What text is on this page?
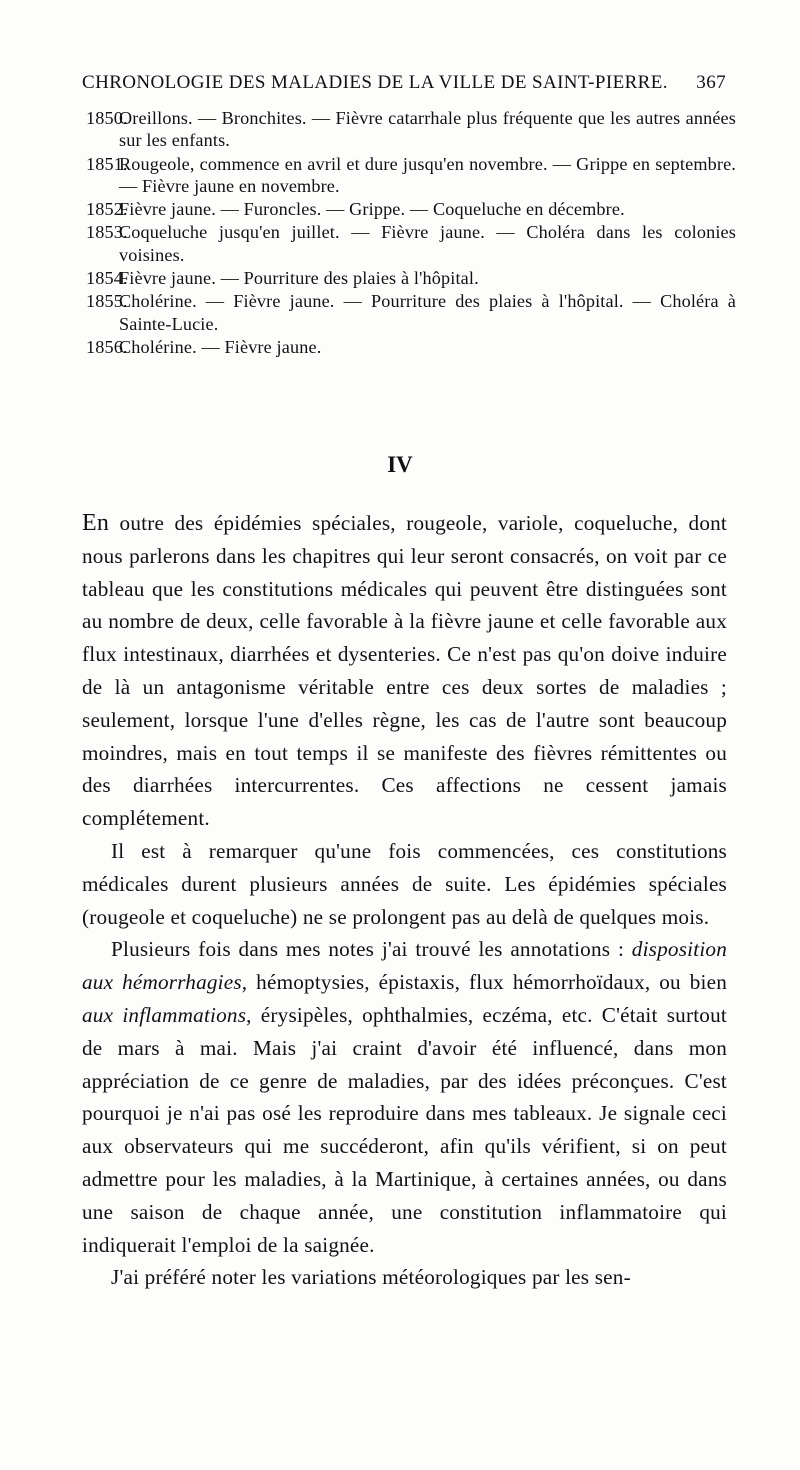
CHRONOLOGIE DES MALADIES DE LA VILLE DE SAINT-PIERRE. 367
1850.
Oreillons. — Bronchites. — Fièvre catarrhale plus fréquente que les autres années sur les enfants.
1851.
Rougeole, commence en avril et dure jusqu'en novembre. — Grippe en septembre. — Fièvre jaune en novembre.
1852.
Fièvre jaune. — Furoncles. — Grippe. — Coqueluche en décembre.
1853.
Coqueluche jusqu'en juillet. — Fièvre jaune. — Choléra dans les colonies voisines.
1854.
Fièvre jaune. — Pourriture des plaies à l'hôpital.
1855.
Cholérine. — Fièvre jaune. — Pourriture des plaies à l'hôpital. — Choléra à Sainte-Lucie.
1856.
Cholérine. — Fièvre jaune.
IV

En outre des épidémies spéciales, rougeole, variole, coqueluche, dont nous parlerons dans les chapitres qui leur seront consacrés, on voit par ce tableau que les constitutions médicales qui peuvent être distinguées sont au nombre de deux, celle favorable à la fièvre jaune et celle favorable aux flux intestinaux, diarrhées et dysenteries. Ce n'est pas qu'on doive induire de là un antagonisme véritable entre ces deux sortes de maladies ; seulement, lorsque l'une d'elles règne, les cas de l'autre sont beaucoup moindres, mais en tout temps il se manifeste des fièvres rémittentes ou des diarrhées intercurrentes. Ces affections ne cessent jamais complétement.

Il est à remarquer qu'une fois commencées, ces constitutions médicales durent plusieurs années de suite. Les épidémies spéciales (rougeole et coqueluche) ne se prolongent pas au delà de quelques mois.

Plusieurs fois dans mes notes j'ai trouvé les annotations : disposition aux hémorrhagies, hémoptysies, épistaxis, flux hémorrhoïdaux, ou bien aux inflammations, érysipèles, ophthalmies, eczéma, etc. C'était surtout de mars à mai. Mais j'ai craint d'avoir été influencé, dans mon appréciation de ce genre de maladies, par des idées préconçues. C'est pourquoi je n'ai pas osé les reproduire dans mes tableaux. Je signale ceci aux observateurs qui me succéderont, afin qu'ils vérifient, si on peut admettre pour les maladies, à la Martinique, à certaines années, ou dans une saison de chaque année, une constitution inflammatoire qui indiquerait l'emploi de la saignée.

J'ai préféré noter les variations météorologiques par les sen-
